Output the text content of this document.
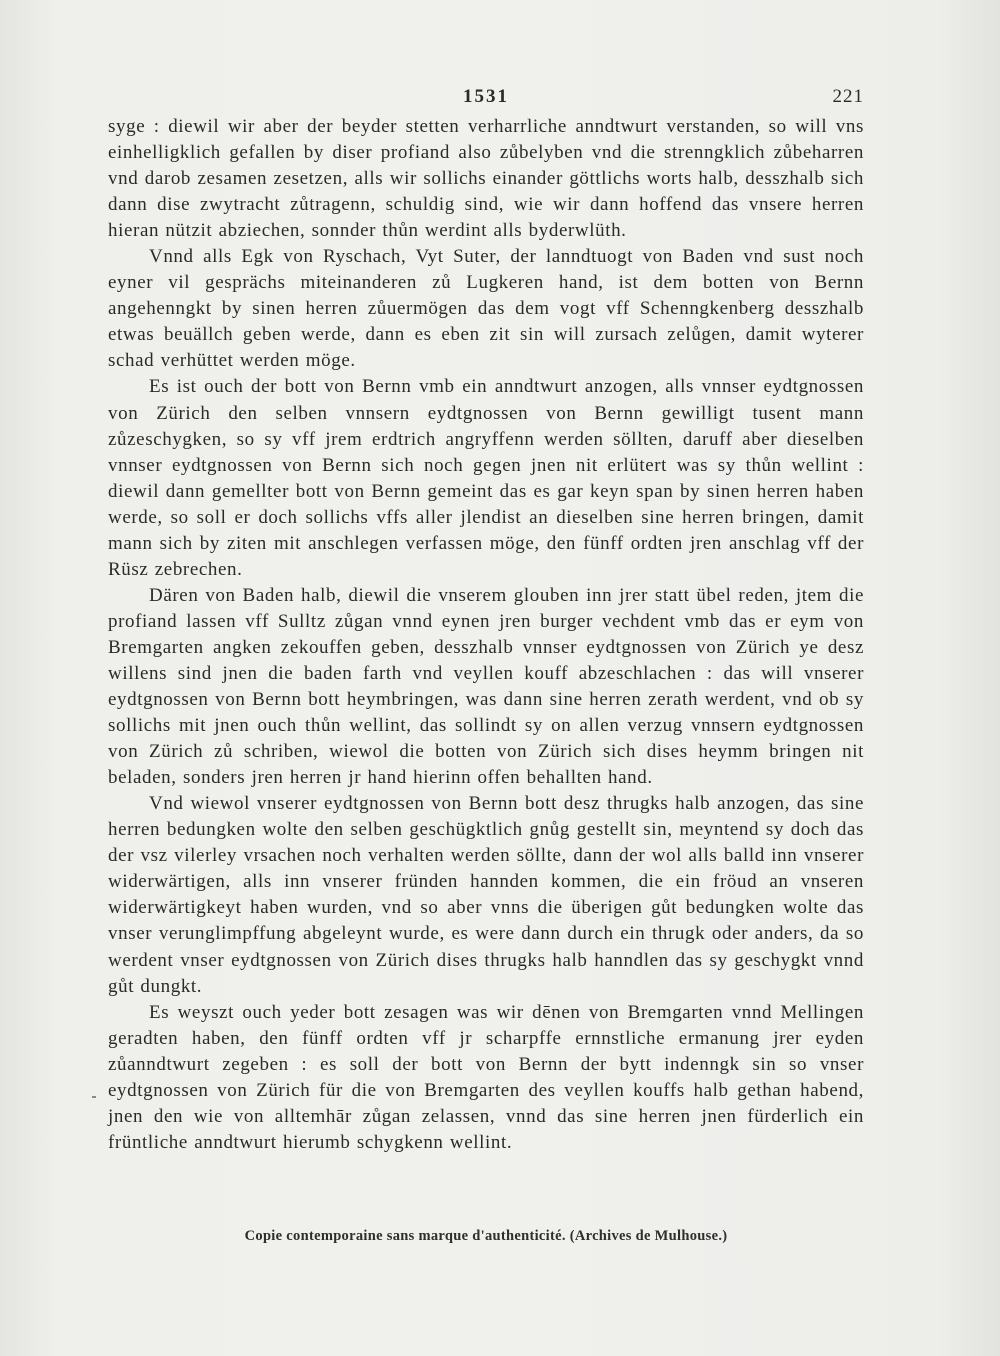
1531	221

syge : diewil wir aber der beyder stetten verharrliche anndtwurt verstanden, so will vns einhelligklich gefallen by diser profiand also zůbelyben vnd die strenngklich zůbeharren vnd darob zesamen zesetzen, alls wir sollichs einander göttlichs worts halb, desszhalb sich dann dise zwytracht zůtragenn, schuldig sind, wie wir dann hoffend das vnsere herren hieran nützit abziechen, sonnder thůn werdint alls byderwlüth.

Vnnd alls Egk von Ryschach, Vyt Suter, der lanndtuogt von Baden vnd sust noch eyner vil gesprächs miteinanderen zů Lugkeren hand, ist dem botten von Bernn angehenngkt by sinen herren zůuermögen das dem vogt vff Schenngkenberg desszhalb etwas beuällch geben werde, dann es eben zit sin will zursach zelůgen, damit wyterer schad verhüttet werden möge.

Es ist ouch der bott von Bernn vmb ein anndtwurt anzogen, alls vnnser eydtgnossen von Zürich den selben vnnsern eydtgnossen von Bernn gewilligt tusent mann zůzeschygken, so sy vff jrem erdtrich angryffenn werden söllten, daruff aber dieselben vnnser eydtgnossen von Bernn sich noch gegen jnen nit erlütert was sy thůn wellint : diewil dann gemellter bott von Bernn gemeint das es gar keyn span by sinen herren haben werde, so soll er doch sollichs vffs aller jlendist an dieselben sine herren bringen, damit mann sich by ziten mit anschlegen verfassen möge, den fünff ordten jren anschlag vff der Rüsz zebrechen.

Dären von Baden halb, diewil die vnserem glouben inn jrer statt übel reden, jtem die profiand lassen vff Sulltz zůgan vnnd eynen jren burger vechdent vmb das er eym von Bremgarten angken zekouffen geben, desszhalb vnnser eydtgnossen von Zürich ye desz willens sind jnen die baden farth vnd veyllen kouff abzeschlachen : das will vnserer eydtgnossen von Bernn bott heymbringen, was dann sine herren zerath werdent, vnd ob sy sollichs mit jnen ouch thůn wellint, das sollindt sy on allen verzug vnnsern eydtgnossen von Zürich zů schriben, wiewol die botten von Zürich sich dises heymm bringen nit beladen, sonders jren herren jr hand hierinn offen behallten hand.

Vnd wiewol vnserer eydtgnossen von Bernn bott desz thrugks halb anzogen, das sine herren bedungken wolte den selben geschügktlich gnůg gestellt sin, meyntend sy doch das der vsz vilerley vrsachen noch verhalten werden söllte, dann der wol alls balld inn vnserer widerwärtigen, alls inn vnserer fründen hannden kommen, die ein fröud an vnseren widerwärtigkeyt haben wurden, vnd so aber vnns die überigen gůt bedungken wolte das vnser verunglimpffung abgeleynt wurde, es were dann durch ein thrugk oder anders, da so werdent vnser eydtgnossen von Zürich dises thrugks halb hanndlen das sy geschygkt vnnd gůt dungkt.

Es weyszt ouch yeder bott zesagen was wir dēnen von Bremgarten vnnd Mellingen geradten haben, den fünff ordten vff jr scharpffe ernnstliche ermanung jrer eyden zůanndtwurt zegeben : es soll der bott von Bernn der bytt indenngk sin so vnser eydtgnossen von Zürich für die von Bremgarten des veyllen kouffs halb gethan habend, jnen den wie von alltemhār zůgan zelassen, vnnd das sine herren jnen fürderlich ein früntliche anndtwurt hierumb schygkenn wellint.

Copie contemporaine sans marque d'authenticité. (Archives de Mulhouse.)
